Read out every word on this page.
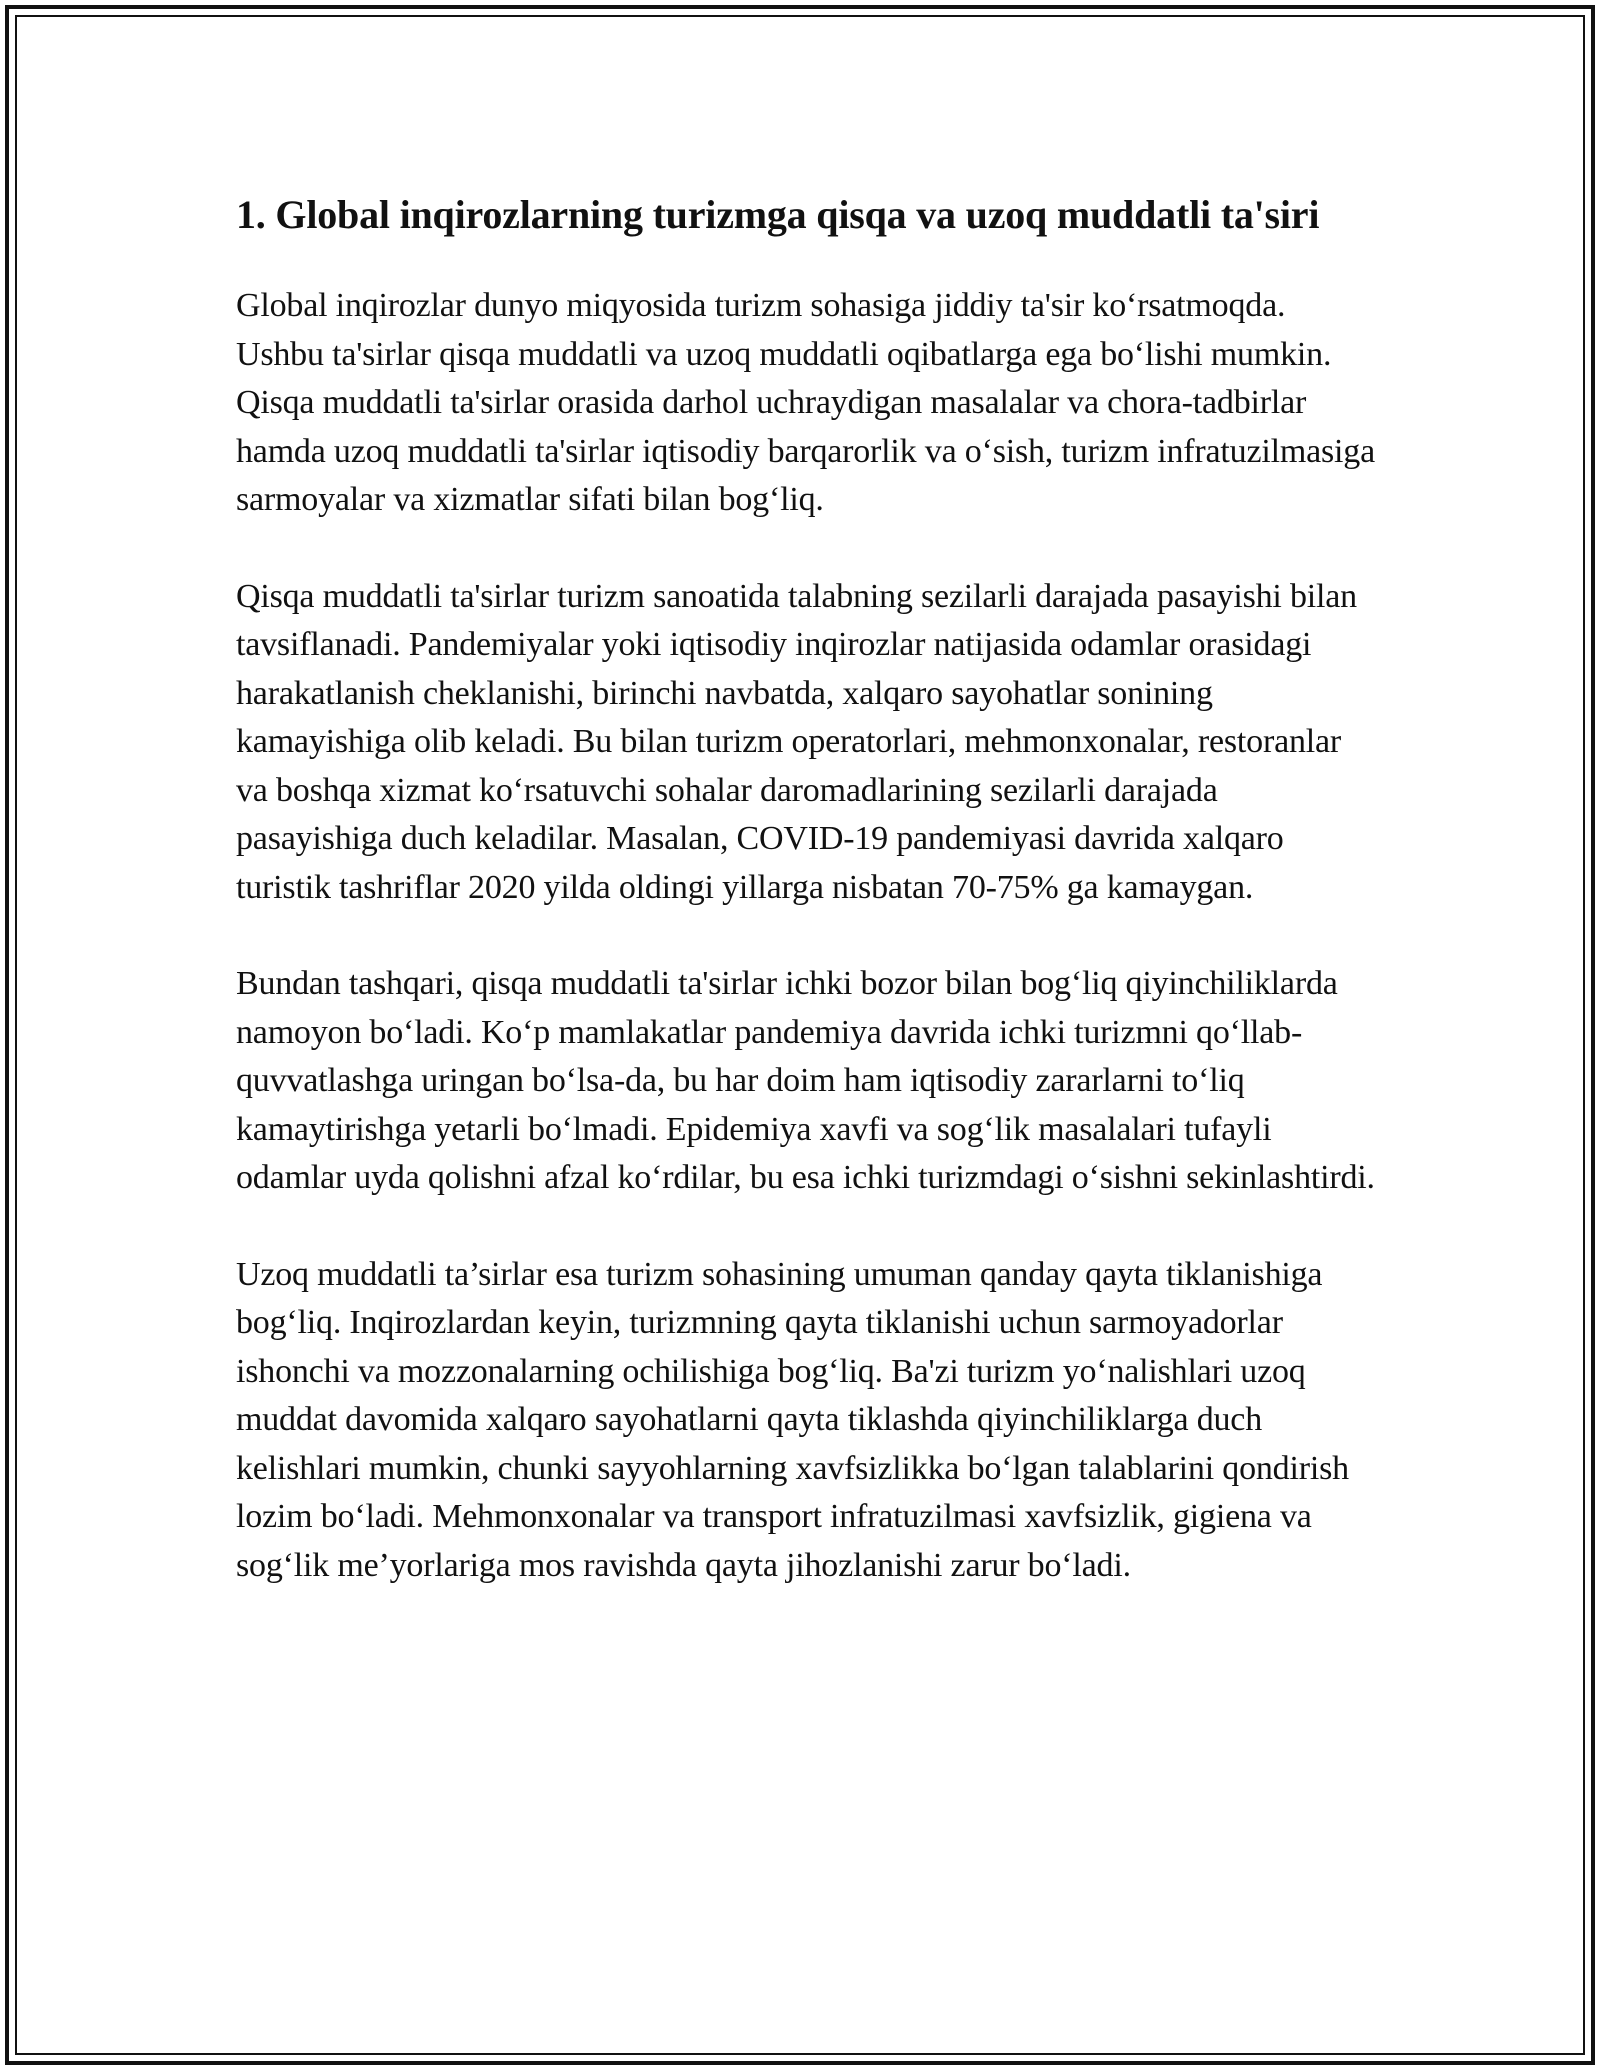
1. Global inqirozlarning turizmga qisqa va uzoq muddatli ta'siri

Global inqirozlar dunyo miqyosida turizm sohasiga jiddiy ta'sir ko‘rsatmoqda. Ushbu ta'sirlar qisqa muddatli va uzoq muddatli oqibatlarga ega bo‘lishi mumkin. Qisqa muddatli ta'sirlar orasida darhol uchraydigan masalalar va chora-tadbirlar hamda uzoq muddatli ta'sirlar iqtisodiy barqarorlik va o‘sish, turizm infratuzilmasiga sarmoyalar va xizmatlar sifati bilan bog‘liq.

Qisqa muddatli ta'sirlar turizm sanoatida talabning sezilarli darajada pasayishi bilan tavsiflanadi. Pandemiyalar yoki iqtisodiy inqirozlar natijasida odamlar orasidagi harakatlanish cheklanishi, birinchi navbatda, xalqaro sayohatlar sonining kamayishiga olib keladi. Bu bilan turizm operatorlari, mehmonxonalar, restoranlar va boshqa xizmat ko‘rsatuvchi sohalar daromadlarining sezilarli darajada pasayishiga duch keladilar. Masalan, COVID-19 pandemiyasi davrida xalqaro turistik tashriflar 2020 yilda oldingi yillarga nisbatan 70-75% ga kamaygan.

Bundan tashqari, qisqa muddatli ta'sirlar ichki bozor bilan bog‘liq qiyinchiliklarda namoyon bo‘ladi. Ko‘p mamlakatlar pandemiya davrida ichki turizmni qo‘llab-quvvatlashga uringan bo‘lsa-da, bu har doim ham iqtisodiy zararlarni to‘liq kamaytirishga yetarli bo‘lmadi. Epidemiya xavfi va sog‘lik masalalari tufayli odamlar uyda qolishni afzal ko‘rdilar, bu esa ichki turizmdagi o‘sishni sekinlashtirdi.

Uzoq muddatli ta’sirlar esa turizm sohasining umuman qanday qayta tiklanishiga bog‘liq. Inqirozlardan keyin, turizmning qayta tiklanishi uchun sarmoyadorlar ishonchi va mozzonalarning ochilishiga bog‘liq. Ba'zi turizm yo‘nalishlari uzoq muddat davomida xalqaro sayohatlarni qayta tiklashda qiyinchiliklarga duch kelishlari mumkin, chunki sayyohlarning xavfsizlikka bo‘lgan talablarini qondirish lozim bo‘ladi. Mehmonxonalar va transport infratuzilmasi xavfsizlik, gigiena va sog‘lik me’yorlariga mos ravishda qayta jihozlanishi zarur bo‘ladi.
